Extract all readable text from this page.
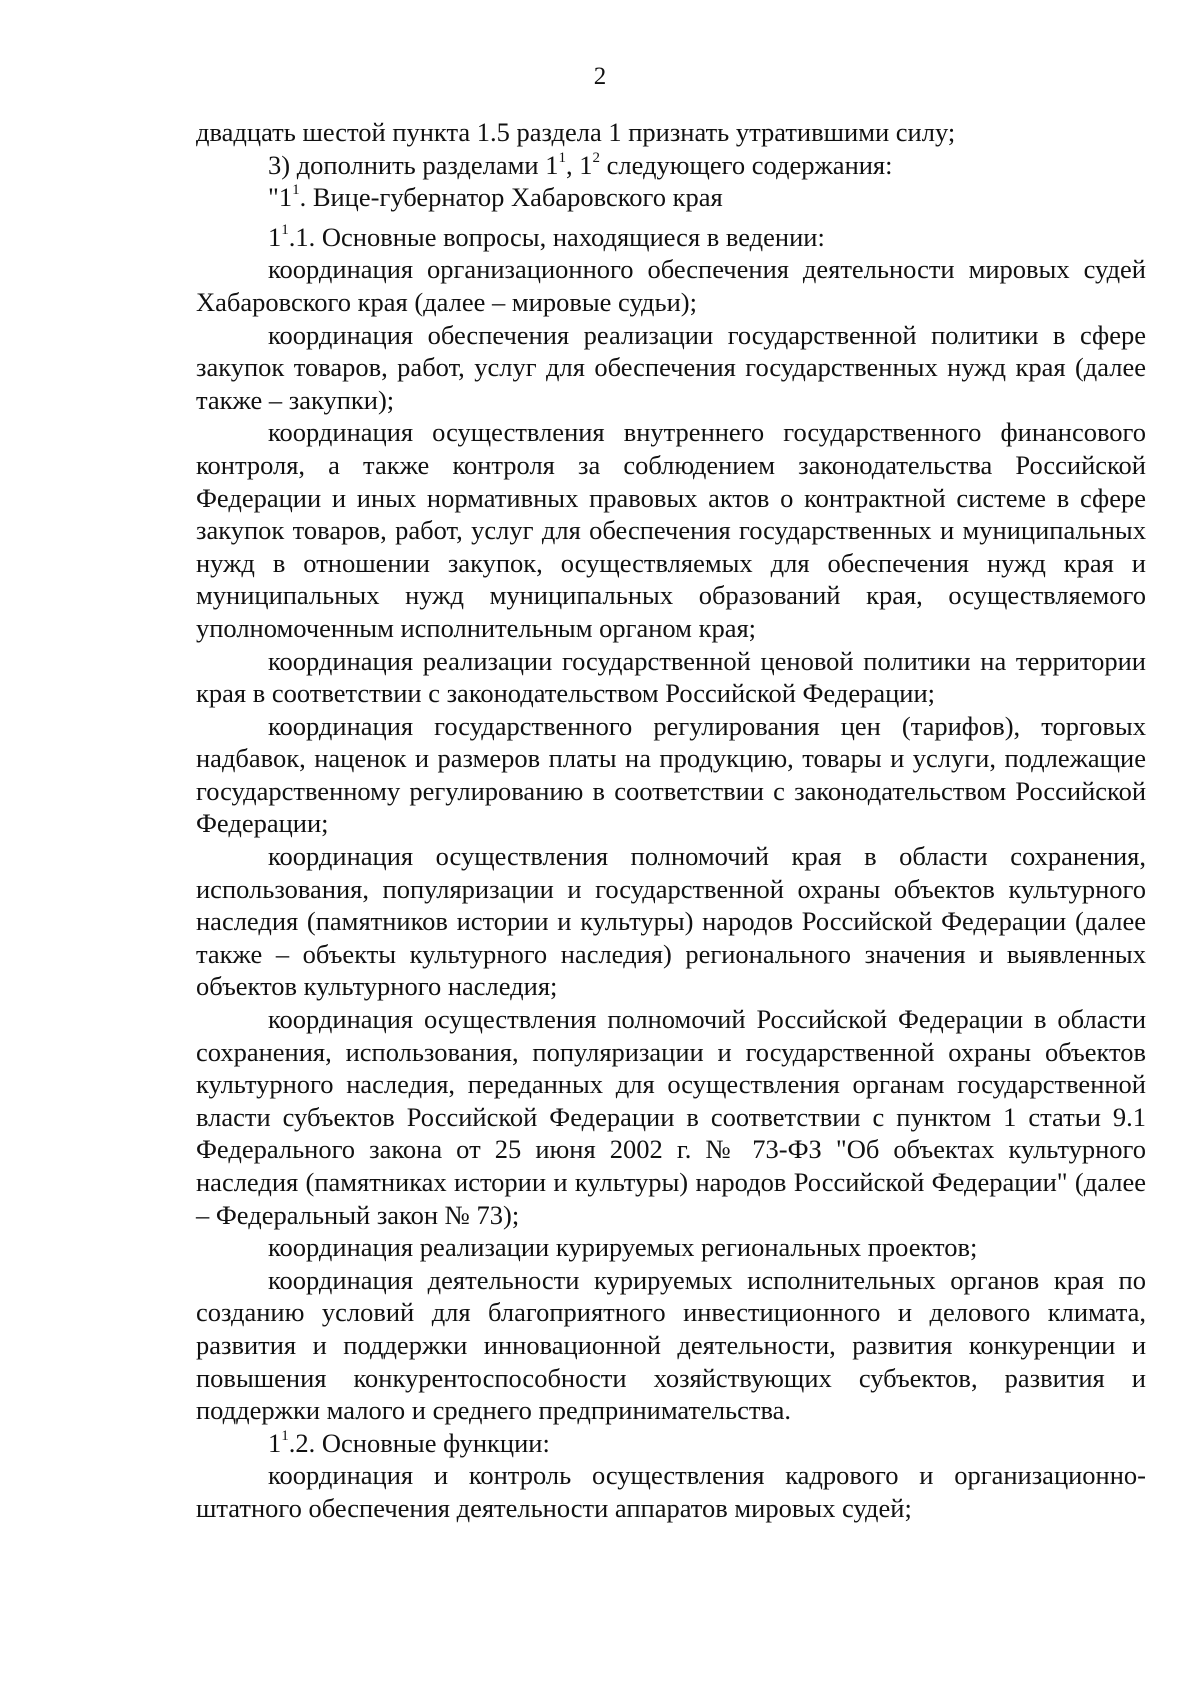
2

двадцать шестой пункта 1.5 раздела 1 признать утратившими силу;

3) дополнить разделами $1^1$, $1^2$ следующего содержания:

"$1^1$. Вице-губернатор Хабаровского края

$1^1.1$. Основные вопросы, находящиеся в ведении:

координация организационного обеспечения деятельности мировых судей Хабаровского края (далее – мировые судьи);

координация обеспечения реализации государственной политики в сфере закупок товаров, работ, услуг для обеспечения государственных нужд края (далее также – закупки);

координация осуществления внутреннего государственного финансового контроля, а также контроля за соблюдением законодательства Российской Федерации и иных нормативных правовых актов о контрактной системе в сфере закупок товаров, работ, услуг для обеспечения государственных и муниципальных нужд в отношении закупок, осуществляемых для обеспечения нужд края и муниципальных нужд муниципальных образований края, осуществляемого уполномоченным исполнительным органом края;

координация реализации государственной ценовой политики на территории края в соответствии с законодательством Российской Федерации;

координация государственного регулирования цен (тарифов), торговых надбавок, наценок и размеров платы на продукцию, товары и услуги, подлежащие государственному регулированию в соответствии с законодательством Российской Федерации;

координация осуществления полномочий края в области сохранения, использования, популяризации и государственной охраны объектов культурного наследия (памятников истории и культуры) народов Российской Федерации (далее также – объекты культурного наследия) регионального значения и выявленных объектов культурного наследия;

координация осуществления полномочий Российской Федерации в области сохранения, использования, популяризации и государственной охраны объектов культурного наследия, переданных для осуществления органам государственной власти субъектов Российской Федерации в соответствии с пунктом 1 статьи 9.1 Федерального закона от 25 июня 2002 г. № 73-ФЗ "Об объектах культурного наследия (памятниках истории и культуры) народов Российской Федерации" (далее – Федеральный закон № 73);

координация реализации курируемых региональных проектов;

координация деятельности курируемых исполнительных органов края по созданию условий для благоприятного инвестиционного и делового климата, развития и поддержки инновационной деятельности, развития конкуренции и повышения конкурентоспособности хозяйствующих субъектов, развития и поддержки малого и среднего предпринимательства.

$1^1.2$. Основные функции:

координация и контроль осуществления кадрового и организационно-штатного обеспечения деятельности аппаратов мировых судей;
